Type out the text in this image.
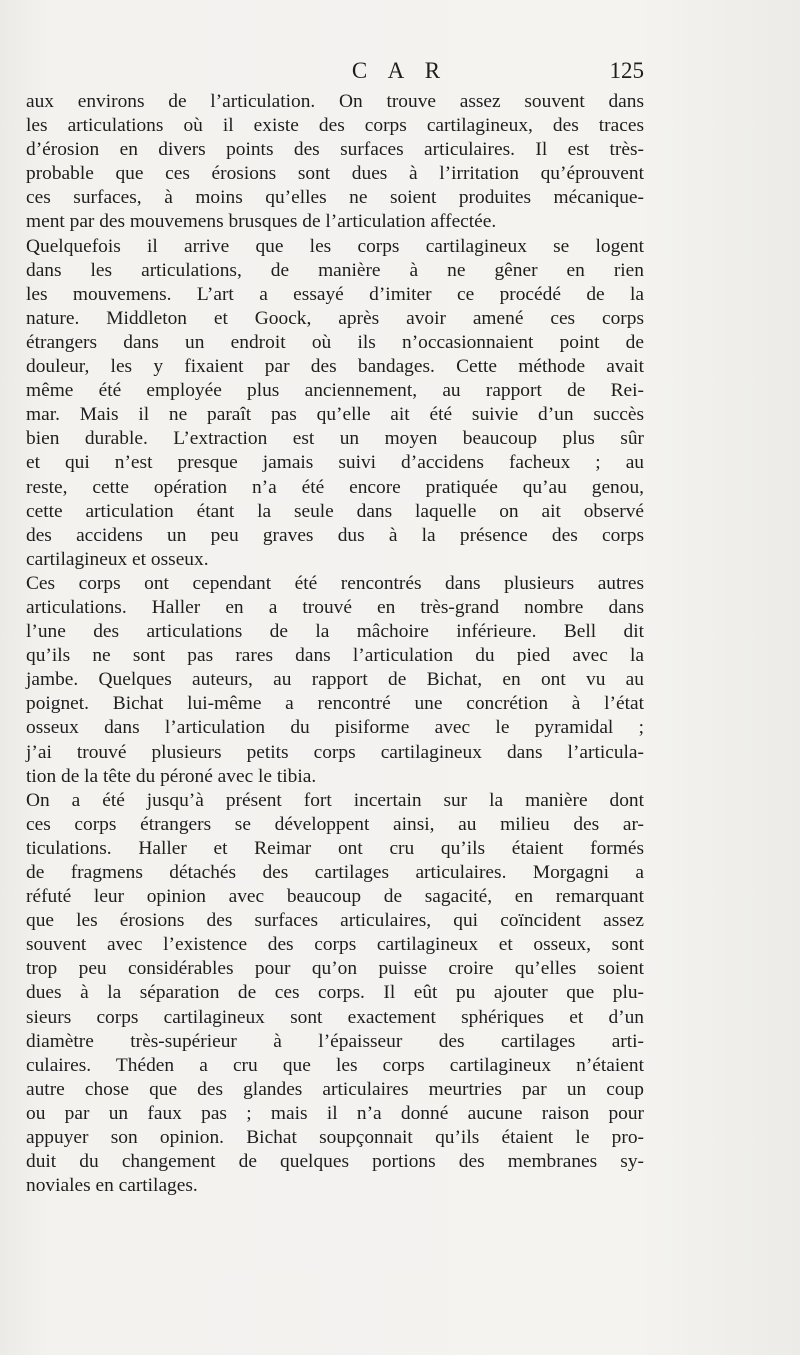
C A R	125

aux environs de l’articulation. On trouve assez souvent dans
les articulations où il existe des corps cartilagineux, des traces
d’érosion en divers points des surfaces articulaires. Il est très-
probable que ces érosions sont dues à l’irritation qu’éprouvent
ces surfaces, à moins qu’elles ne soient produites mécanique-
ment par des mouvemens brusques de l’articulation affectée.

Quelquefois il arrive que les corps cartilagineux se logent
dans les articulations, de manière à ne gêner en rien
les mouvemens. L’art a essayé d’imiter ce procédé de la
nature. Middleton et Goock, après avoir amené ces corps
étrangers dans un endroit où ils n’occasionnaient point de
douleur, les y fixaient par des bandages. Cette méthode avait
même été employée plus anciennement, au rapport de Rei-
mar. Mais il ne paraît pas qu’elle ait été suivie d’un succès
bien durable. L’extraction est un moyen beaucoup plus sûr
et qui n’est presque jamais suivi d’accidens facheux ; au
reste, cette opération n’a été encore pratiquée qu’au genou,
cette articulation étant la seule dans laquelle on ait observé
des accidens un peu graves dus à la présence des corps
cartilagineux et osseux.

Ces corps ont cependant été rencontrés dans plusieurs autres
articulations. Haller en a trouvé en très-grand nombre dans
l’une des articulations de la mâchoire inférieure. Bell dit
qu’ils ne sont pas rares dans l’articulation du pied avec la
jambe. Quelques auteurs, au rapport de Bichat, en ont vu au
poignet. Bichat lui-même a rencontré une concrétion à l’état
osseux dans l’articulation du pisiforme avec le pyramidal ;
j’ai trouvé plusieurs petits corps cartilagineux dans l’articula-
tion de la tête du péroné avec le tibia.

On a été jusqu’à présent fort incertain sur la manière dont
ces corps étrangers se développent ainsi, au milieu des ar-
ticulations. Haller et Reimar ont cru qu’ils étaient formés
de fragmens détachés des cartilages articulaires. Morgagni a
réfuté leur opinion avec beaucoup de sagacité, en remarquant
que les érosions des surfaces articulaires, qui coïncident assez
souvent avec l’existence des corps cartilagineux et osseux, sont
trop peu considérables pour qu’on puisse croire qu’elles soient
dues à la séparation de ces corps. Il eût pu ajouter que plu-
sieurs corps cartilagineux sont exactement sphériques et d’un
diamètre très-supérieur à l’épaisseur des cartilages arti-
culaires. Théden a cru que les corps cartilagineux n’étaient
autre chose que des glandes articulaires meurtries par un coup
ou par un faux pas ; mais il n’a donné aucune raison pour
appuyer son opinion. Bichat soupçonnait qu’ils étaient le pro-
duit du changement de quelques portions des membranes sy-
noviales en cartilages.
